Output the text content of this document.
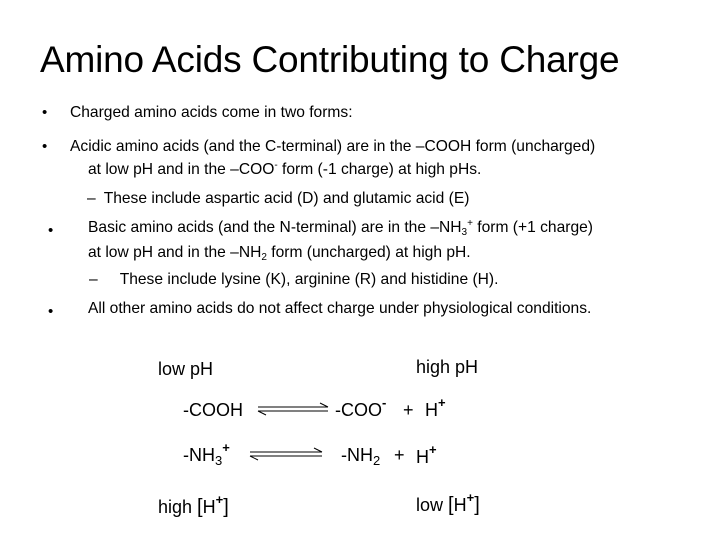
Amino Acids Contributing to Charge
• Charged amino acids come in two forms:
• Acidic amino acids (and the C-terminal) are in the –COOH form (uncharged)
at low pH and in the –COO- form (-1 charge) at high pHs.
– These include aspartic acid (D) and glutamic acid (E)
• Basic amino acids (and the N-terminal) are in the $-NH_3^+$ form (+1 charge)
at low pH and in the $-NH_2$ form (uncharged) at high pH.
– These include lysine (K), arginine (R) and histidine (H).
• All other amino acids do not affect charge under physiological conditions.
low pH	high pH
-COOH	-COO- + H+
$-NH_3^+$	$-NH_2 + H^+$
high [H+]	low [H+]
